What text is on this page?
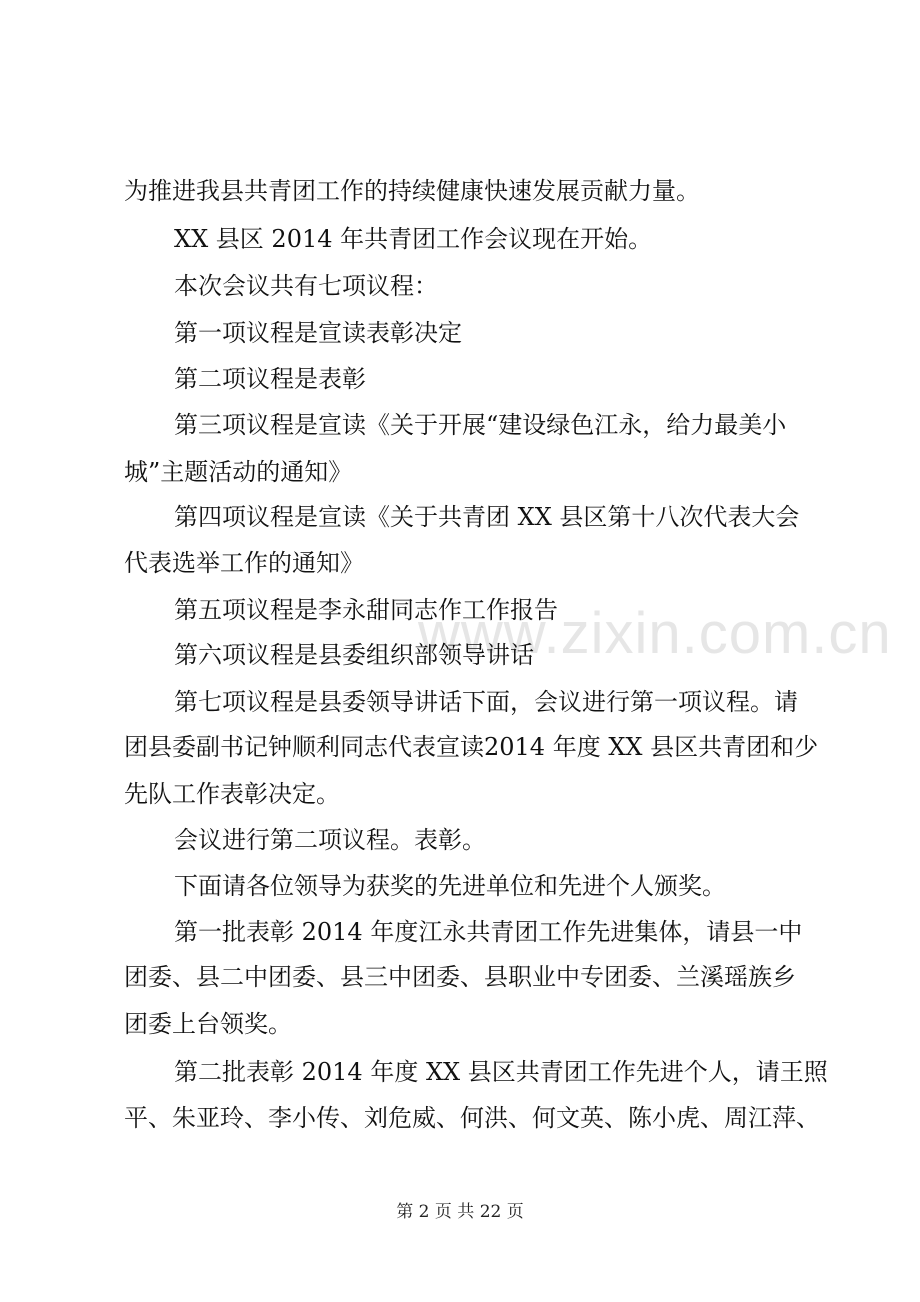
www.zixin.com.cn
为推进我县共青团工作的持续健康快速发展贡献力量。
XX 县区 2014 年共青团工作会议现在开始。
本次会议共有七项议程：
第一项议程是宣读表彰决定
第二项议程是表彰
第三项议程是宣读《关于开展“建设绿色江永，给力最美小
城”主题活动的通知》
第四项议程是宣读《关于共青团 XX 县区第十八次代表大会
代表选举工作的通知》
第五项议程是李永甜同志作工作报告
第六项议程是县委组织部领导讲话
第七项议程是县委领导讲话下面，会议进行第一项议程。请
团县委副书记钟顺利同志代表宣读2014 年度 XX 县区共青团和少
先队工作表彰决定。
会议进行第二项议程。表彰。
下面请各位领导为获奖的先进单位和先进个人颁奖。
第一批表彰 2014 年度江永共青团工作先进集体，请县一中
团委、县二中团委、县三中团委、县职业中专团委、兰溪瑶族乡
团委上台领奖。
第二批表彰 2014 年度 XX 县区共青团工作先进个人，请王照
平、朱亚玲、李小传、刘危威、何洪、何文英、陈小虎、周江萍、
第 2 页 共 22 页
